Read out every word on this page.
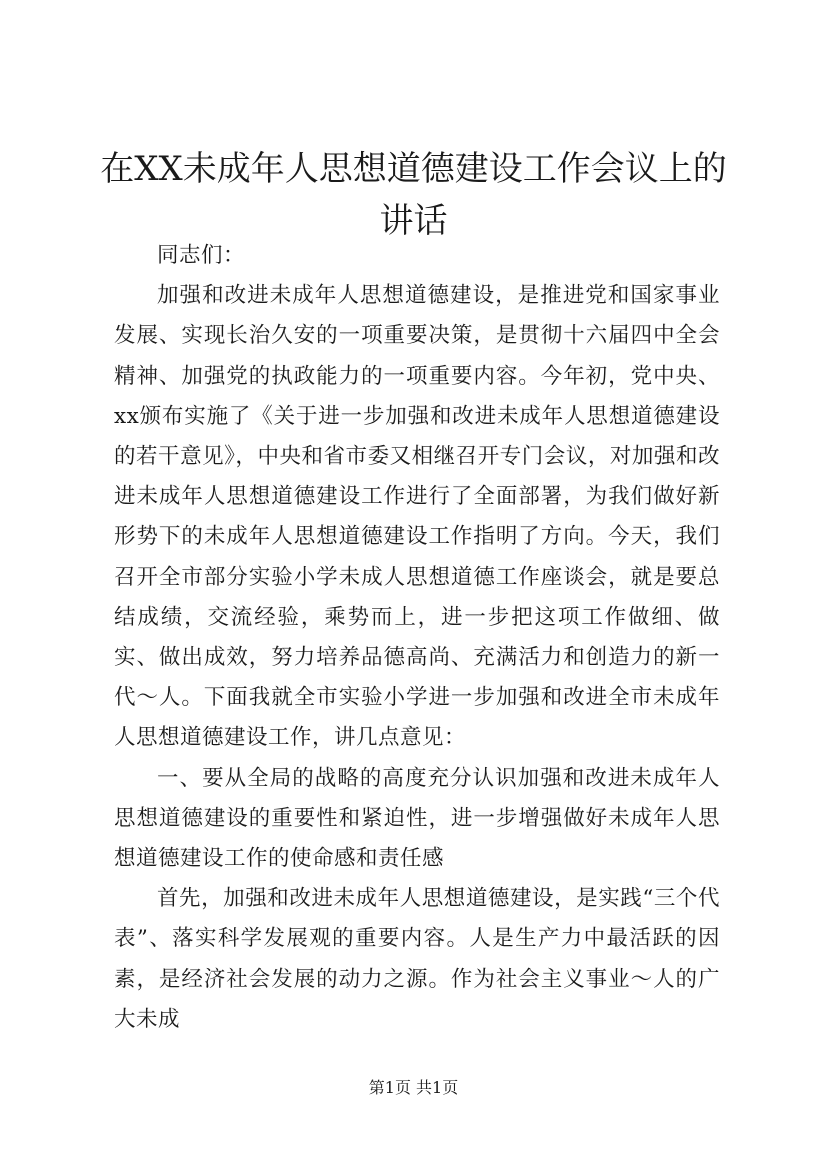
在XX未成年人思想道德建设工作会议上的讲话

同志们：

加强和改进未成年人思想道德建设，是推进党和国家事业发展、实现长治久安的一项重要决策，是贯彻十六届四中全会精神、加强党的执政能力的一项重要内容。今年初，党中央、xx颁布实施了《关于进一步加强和改进未成年人思想道德建设的若干意见》，中央和省市委又相继召开专门会议，对加强和改进未成年人思想道德建设工作进行了全面部署，为我们做好新形势下的未成年人思想道德建设工作指明了方向。今天，我们召开全市部分实验小学未成人思想道德工作座谈会，就是要总结成绩，交流经验，乘势而上，进一步把这项工作做细、做实、做出成效，努力培养品德高尚、充满活力和创造力的新一代～人。下面我就全市实验小学进一步加强和改进全市未成年人思想道德建设工作，讲几点意见：

一、要从全局的战略的高度充分认识加强和改进未成年人思想道德建设的重要性和紧迫性，进一步增强做好未成年人思想道德建设工作的使命感和责任感

首先，加强和改进未成年人思想道德建设，是实践“三个代表”、落实科学发展观的重要内容。人是生产力中最活跃的因素，是经济社会发展的动力之源。作为社会主义事业～人的广大未成

第1页 共1页
